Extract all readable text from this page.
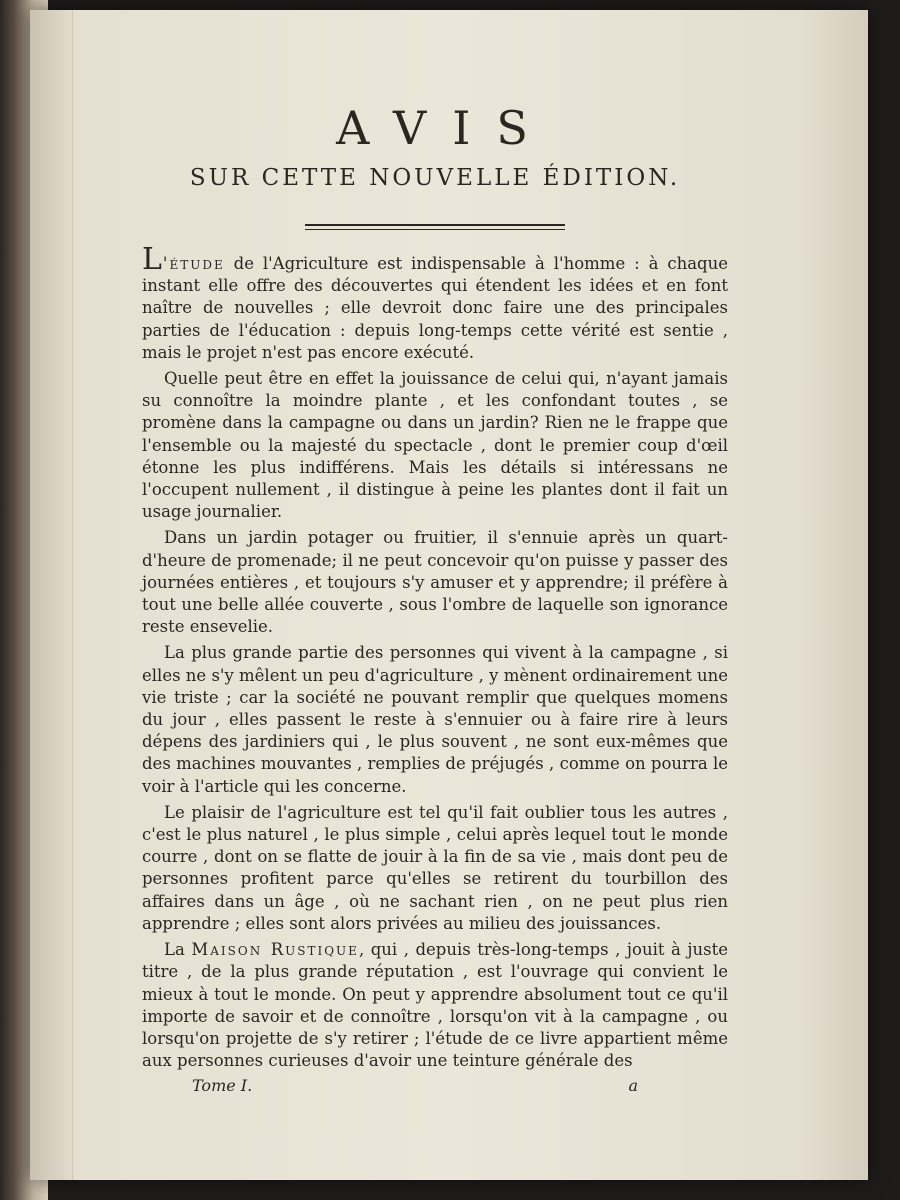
AVIS
SUR CETTE NOUVELLE ÉDITION.

L'étude de l'Agriculture est indispensable à l'homme : à chaque instant elle offre des découvertes qui étendent les idées et en font naître de nouvelles ; elle devroit donc faire une des principales parties de l'éducation : depuis long-temps cette vérité est sentie , mais le projet n'est pas encore exécuté.

Quelle peut être en effet la jouissance de celui qui, n'ayant jamais su connoître la moindre plante , et les confondant toutes , se promène dans la campagne ou dans un jardin? Rien ne le frappe que l'ensemble ou la majesté du spectacle , dont le premier coup d'œil étonne les plus indifférens. Mais les détails si intéressans ne l'occupent nullement , il distingue à peine les plantes dont il fait un usage journalier.

Dans un jardin potager ou fruitier, il s'ennuie après un quart-d'heure de promenade; il ne peut concevoir qu'on puisse y passer des journées entières , et toujours s'y amuser et y apprendre; il préfère à tout une belle allée couverte , sous l'ombre de laquelle son ignorance reste ensevelie.

La plus grande partie des personnes qui vivent à la campagne , si elles ne s'y mêlent un peu d'agriculture , y mènent ordinairement une vie triste ; car la société ne pouvant remplir que quelques momens du jour , elles passent le reste à s'ennuier ou à faire rire à leurs dépens des jardiniers qui , le plus souvent , ne sont eux-mêmes que des machines mouvantes , remplies de préjugés , comme on pourra le voir à l'article qui les concerne.

Le plaisir de l'agriculture est tel qu'il fait oublier tous les autres , c'est le plus naturel , le plus simple , celui après lequel tout le monde courre , dont on se flatte de jouir à la fin de sa vie , mais dont peu de personnes profitent parce qu'elles se retirent du tourbillon des affaires dans un âge , où ne sachant rien , on ne peut plus rien apprendre ; elles sont alors privées au milieu des jouissances.

La Maison Rustique, qui , depuis très-long-temps , jouit à juste titre , de la plus grande réputation , est l'ouvrage qui convient le mieux à tout le monde. On peut y apprendre absolument tout ce qu'il importe de savoir et de connoître , lorsqu'on vit à la campagne , ou lorsqu'on projette de s'y retirer ; l'étude de ce livre appartient même aux personnes curieuses d'avoir une teinture générale des

Tome I.	a
